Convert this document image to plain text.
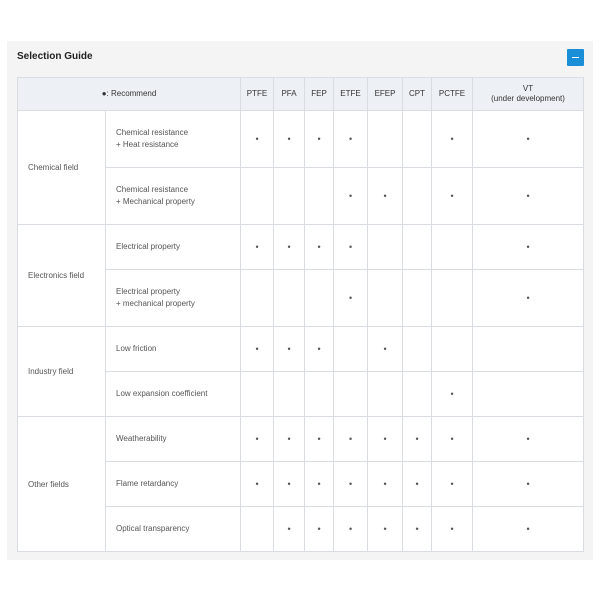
Selection Guide
●: Recommend		PTFE	PFA	FEP	ETFE	EFEP	CPT	PCTFE	VT
(under development)

Chemical field	Chemical resistance
+ Heat resistance	•	•	•	•			•	•

	Chemical resistance
+ Mechanical property				•	•		•	•
Electronics field	Electrical property	•	•	•	•				•

	Electrical property
+ mechanical property				•				•
Industry field	Low friction	•	•	•		•			

	Low expansion coefficient							•	
Other fields	Weatherability	•	•	•	•	•	•	•	•

	Flame retardancy	•	•	•	•	•	•	•	•

	Optical transparency		•	•	•	•	•	•	•
